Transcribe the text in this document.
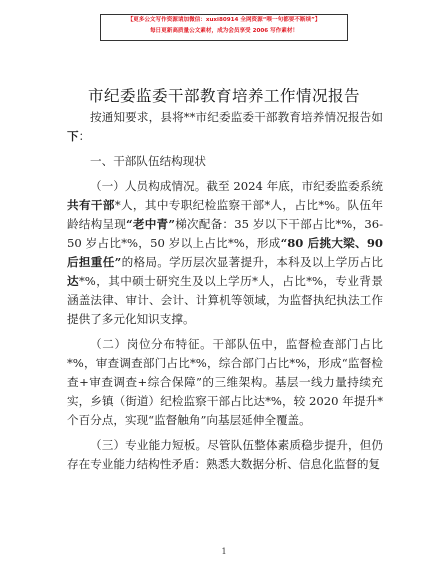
【更多公文写作资源请加微信：xuxi80914 全网资源“喂一句都要不断续”】
每日更新高质量公文素材，成为会员享受 2006 写作素材！
市纪委监委干部教育培养工作情况报告

按通知要求，县将**市纪委监委干部教育培养情况报告如下：

一、干部队伍结构现状

（一）人员构成情况。截至 2024 年底，市纪委监委系统共有干部*人，其中专职纪检监察干部*人，占比*%。队伍年龄结构呈现“老中青”梯次配备：35 岁以下干部占比*%，36-50 岁占比*%，50 岁以上占比*%，形成“80 后挑大梁、90 后担重任”的格局。学历层次显著提升，本科及以上学历占比达*%，其中硕士研究生及以上学历*人，占比*%，专业背景涵盖法律、审计、会计、计算机等领域，为监督执纪执法工作提供了多元化知识支撑。

（二）岗位分布特征。干部队伍中，监督检查部门占比*%，审查调查部门占比*%，综合部门占比*%，形成“监督检查+审查调查+综合保障”的三维架构。基层一线力量持续充实，乡镇（街道）纪检监察干部占比达*%，较 2020 年提升*个百分点，实现“监督触角”向基层延伸全覆盖。

（三）专业能力短板。尽管队伍整体素质稳步提升，但仍存在专业能力结构性矛盾：熟悉大数据分析、信息化监督的复

1
